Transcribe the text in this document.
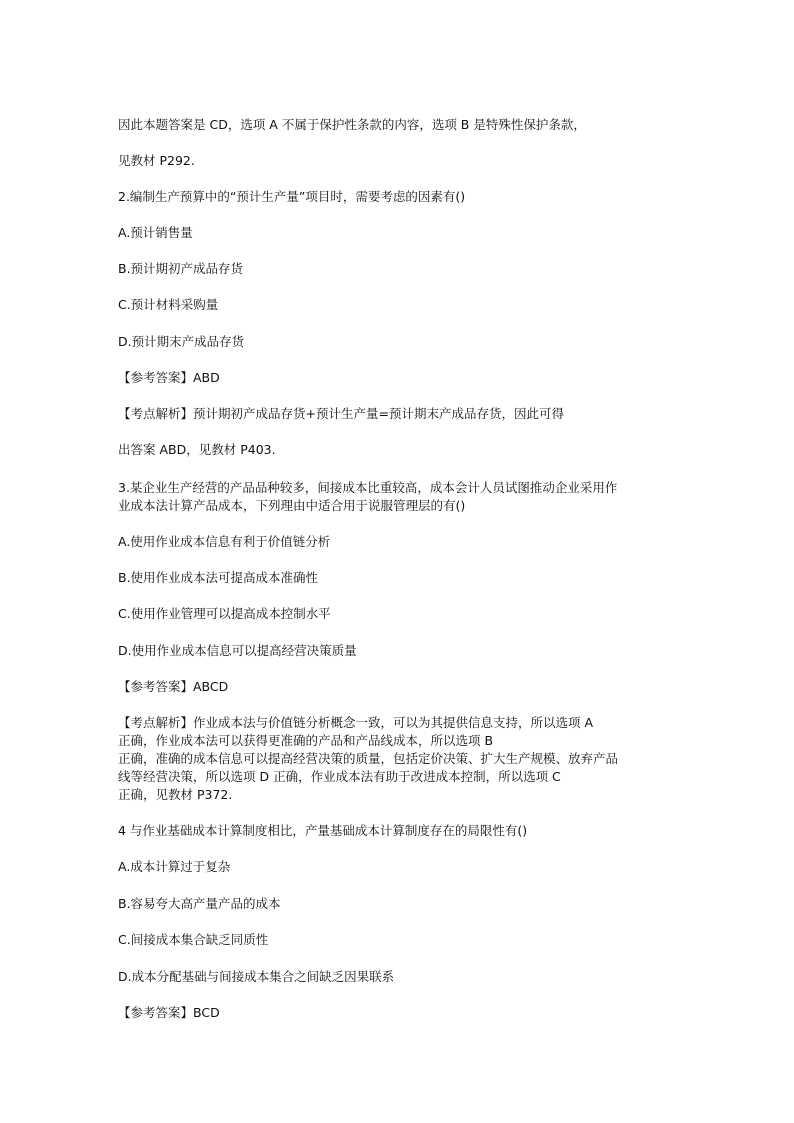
因此本题答案是 CD，选项 A 不属于保护性条款的内容，选项 B 是特殊性保护条款，
见教材 P292.
2.编制生产预算中的“预计生产量”项目时，需要考虑的因素有()
A.预计销售量
B.预计期初产成品存货
C.预计材料采购量
D.预计期末产成品存货
【参考答案】ABD
【考点解析】预计期初产成品存货+预计生产量=预计期末产成品存货，因此可得
出答案 ABD，见教材 P403.
3.某企业生产经营的产品品种较多，间接成本比重较高，成本会计人员试图推动企业采用作
业成本法计算产品成本，下列理由中适合用于说服管理层的有()
A.使用作业成本信息有利于价值链分析
B.使用作业成本法可提高成本准确性
C.使用作业管理可以提高成本控制水平
D.使用作业成本信息可以提高经营决策质量
【参考答案】ABCD
【考点解析】作业成本法与价值链分析概念一致，可以为其提供信息支持，所以选项 A
正确，作业成本法可以获得更准确的产品和产品线成本，所以选项 B
正确，准确的成本信息可以提高经营决策的质量，包括定价决策、扩大生产规模、放弃产品
线等经营决策，所以选项 D 正确，作业成本法有助于改进成本控制，所以选项 C
正确，见教材 P372.
4 与作业基础成本计算制度相比，产量基础成本计算制度存在的局限性有()
A.成本计算过于复杂
B.容易夸大高产量产品的成本
C.间接成本集合缺乏同质性
D.成本分配基础与间接成本集合之间缺乏因果联系
【参考答案】BCD
